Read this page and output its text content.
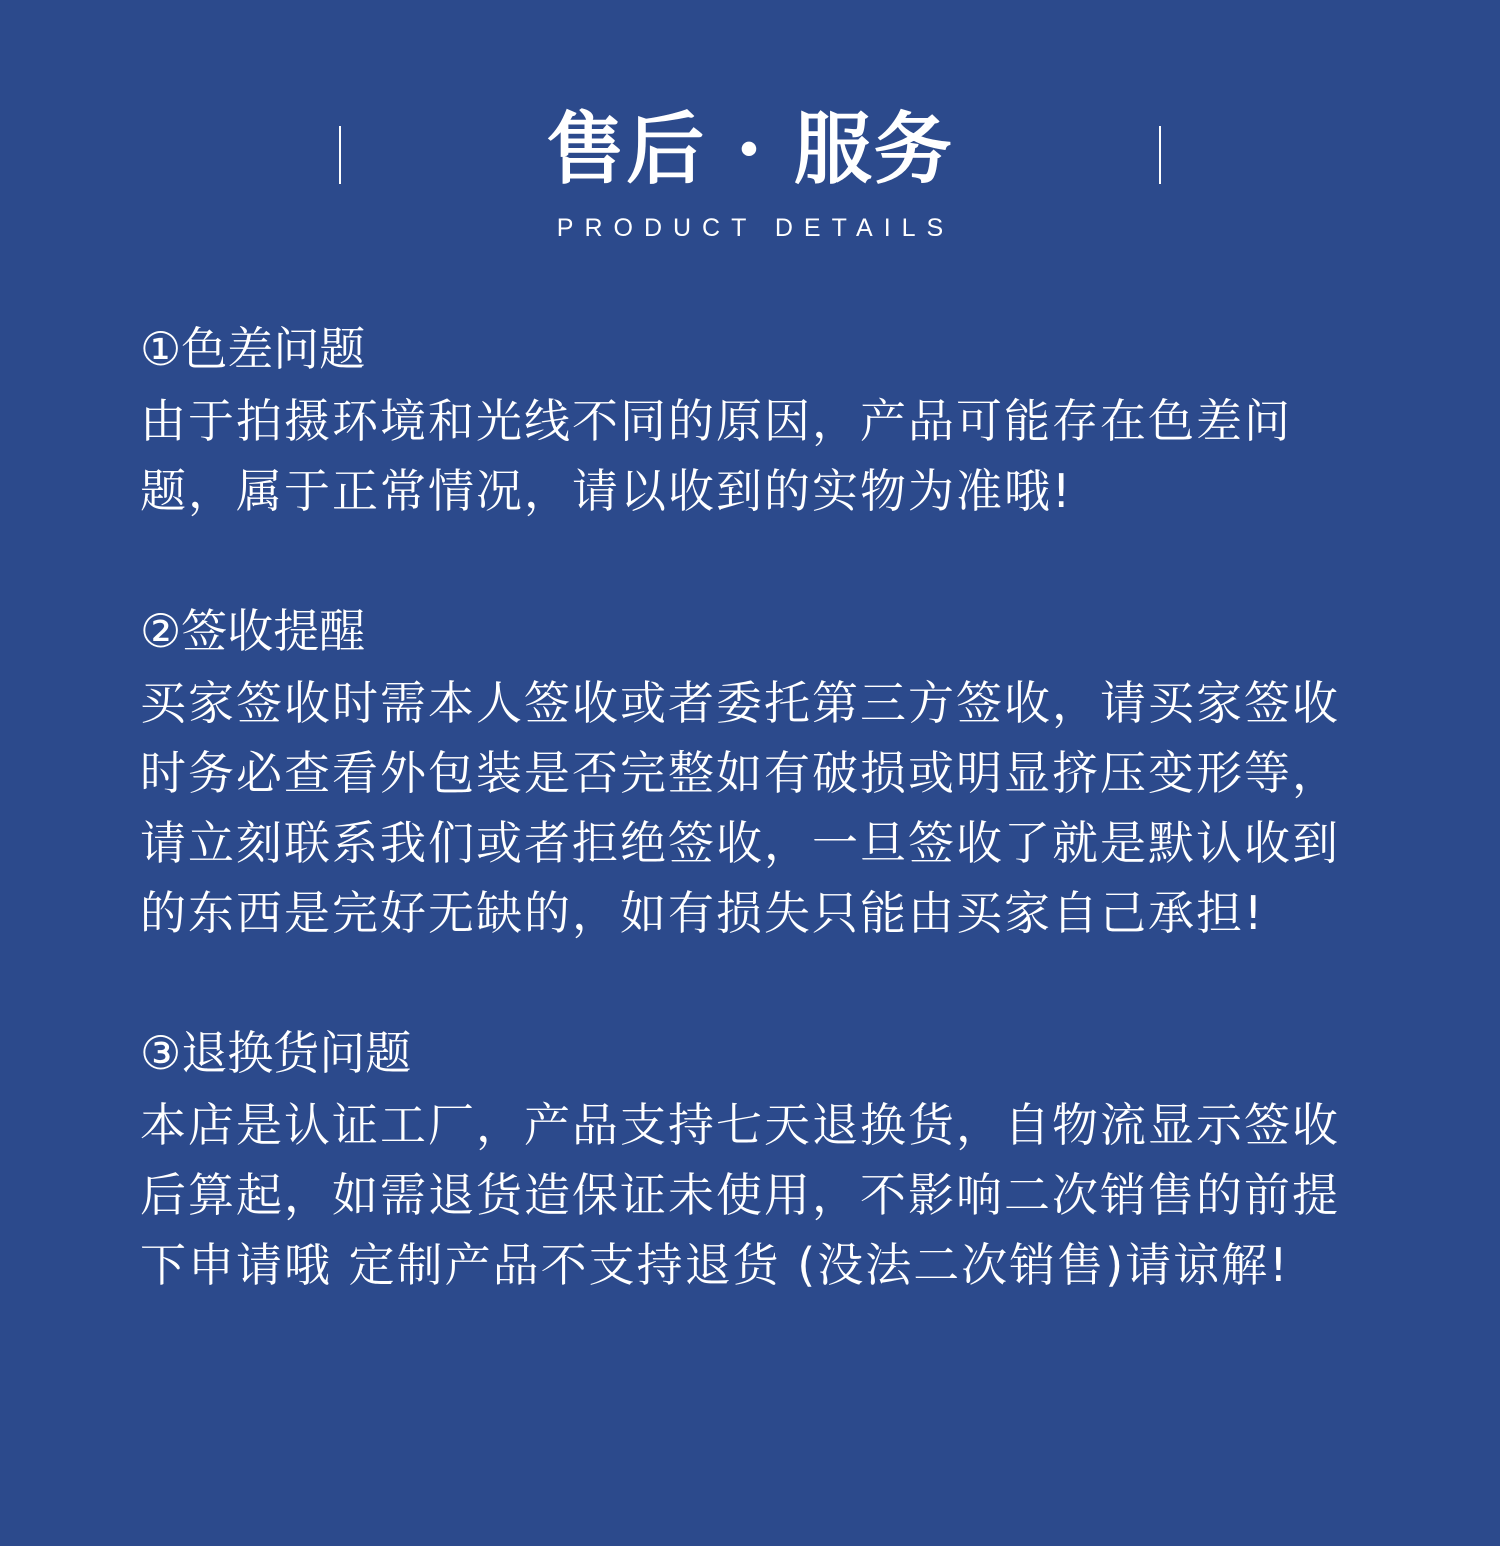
售后 · 服务

PRODUCT DETAILS

①色差问题

由于拍摄环境和光线不同的原因，产品可能存在色差问题，属于正常情况，请以收到的实物为准哦!

②签收提醒

买家签收时需本人签收或者委托第三方签收，请买家签收时务必查看外包装是否完整如有破损或明显挤压变形等，请立刻联系我们或者拒绝签收，一旦签收了就是默认收到的东西是完好无缺的，如有损失只能由买家自己承担!

③退换货问题

本店是认证工厂，产品支持七天退换货，自物流显示签收后算起，如需退货造保证未使用，不影响二次销售的前提下申请哦 定制产品不支持退货 (没法二次销售)请谅解!
